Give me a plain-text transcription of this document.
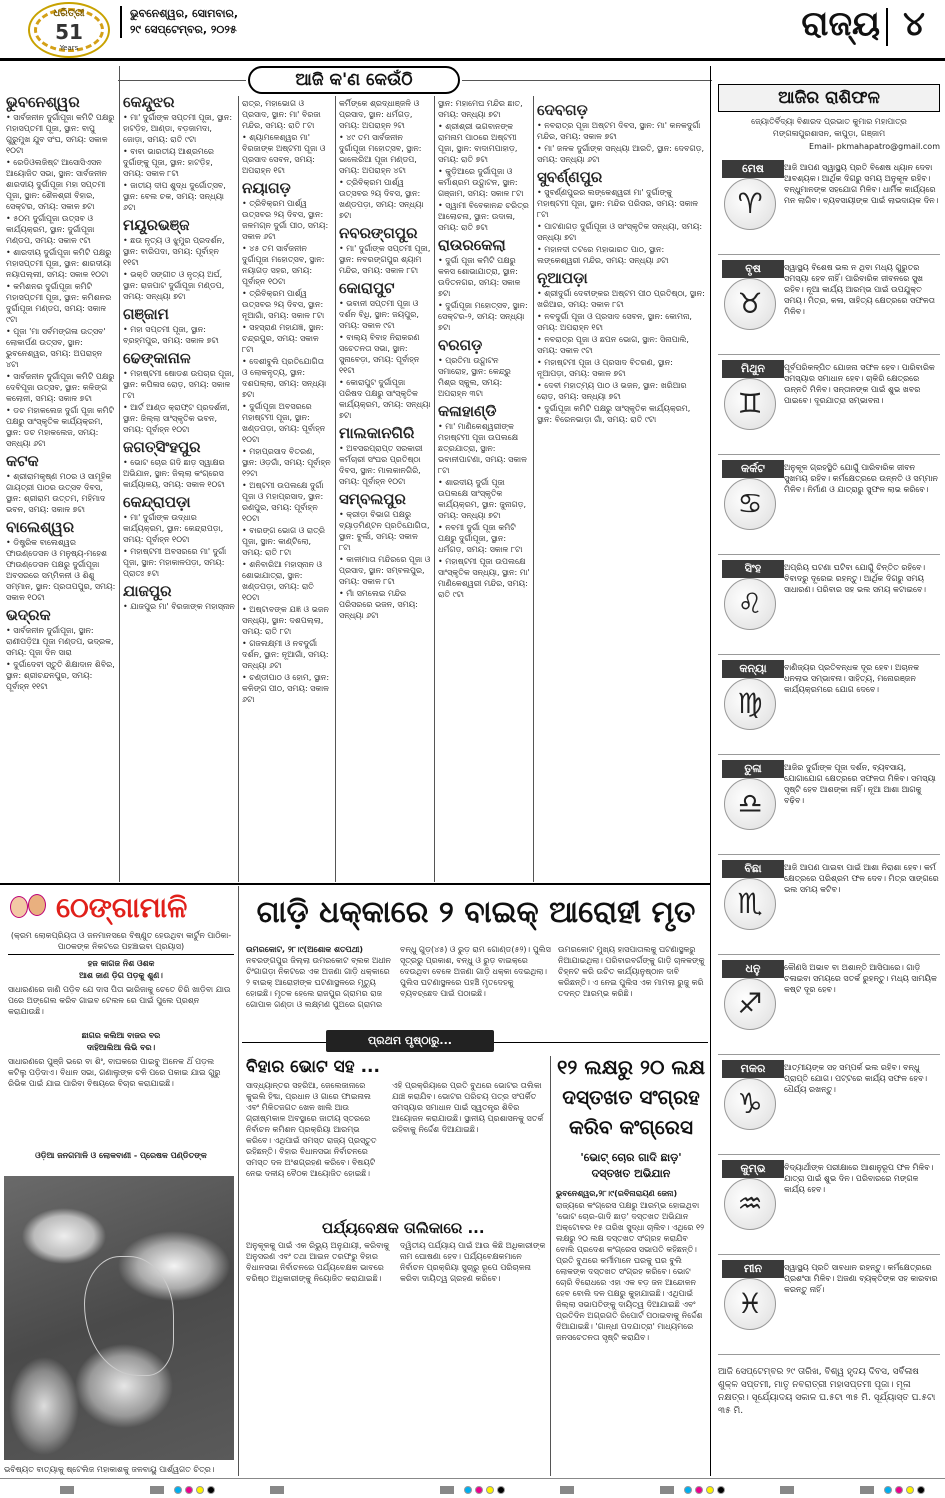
ଧରିତ୍ରୀ
51
Years
ଭୁବନେଶ୍ୱର, ସୋମବାର,
୨୯ ସେପ୍ଟେମ୍ବର, ୨୦୨୫	ରାଜ୍ୟ ୪
ଆଜି କ'ଣ କେଉଁଠି

ଭୁବନେଶ୍ୱର

• ସାର୍ବଜନୀନ ଦୁର୍ଗାପୂଜା କମିଟି ପକ୍ଷରୁ ମହାସପ୍ତମୀ ପୂଜା, ସ୍ଥାନ: ବାପୁ ଗୁରୁମୁଖ ଯୁବ ସଂଘ, ସମୟ: ସକାଳ ୧୦ଟା

• ରେଡିଓଲଜିଷ୍ଟ ଆସୋସିଏସନ ଆୟୋଜିତ ସଭା, ସ୍ଥାନ: ସାର୍ବଜନୀନ ଶାରଦୀୟ ଦୁର୍ଗାପୂଜା ମହା ସପ୍ତମୀ ପୂଜା, ସ୍ଥାନ: ଶୈଳଶ୍ରୀ ବିହାର, ସେକ୍ଟର, ସମୟ: ସକାଳ ୭ଟା

• ୫୦ମ ଦୁର୍ଗାପୂଜା ଉତ୍ସବ ଓ କାର୍ଯ୍ୟକ୍ରମ, ସ୍ଥାନ: ଦୁର୍ଗାପୂଜା ମଣ୍ଡପ, ସମୟ: ସକାଳ ୯ଟା

• ଶାରଦୀୟ ଦୁର୍ଗାପୂଜା କମିଟି ପକ୍ଷରୁ ମହାସପ୍ତମୀ ପୂଜା, ସ୍ଥାନ: ଶାରଦୀୟା ନୟାପଲ୍ଲୀ, ସମୟ: ସକାଳ ୧୦ଟା

• କମିଶନର ଦୁର୍ଗାପୂଜା କମିଟି ମହାସପ୍ତମୀ ପୂଜା, ସ୍ଥାନ: କମିଶନର ଦୁର୍ଗାପୂଜା ମଣ୍ଡପ, ସମୟ: ସକାଳ ୯ଟା

• ପୂଜା 'ମା ସର୍ବମଙ୍ଗଳା ଉତ୍ସବ' ଲୋକାର୍ପଣ ଉତ୍ସବ, ସ୍ଥାନ: ଭୁବନେଶ୍ୱର, ସମୟ: ଅପରାହ୍ନ ୪ଟା

• ସାର୍ବଜନୀନ ଦୁର୍ଗାପୂଜା କମିଟି ପକ୍ଷରୁ ଦେବିପୂଜା ଉତ୍ସବ, ସ୍ଥାନ: କଳିଙ୍ଗ କଲୋନୀ, ସମୟ: ସକାଳ ୭ଟା

• ଡଚ ମହାକଲେଜ ଦୁର୍ଗା ପୂଜା କମିଟି ପକ୍ଷରୁ ସାଂସ୍କୃତିକ କାର୍ଯ୍ୟକ୍ରମ, ସ୍ଥାନ: ଡଚ ମହାକଲେଜ, ସମୟ: ସନ୍ଧ୍ୟା ୬ଟା

କଟକ

• ଶ୍ରୀରାମକୃଷ୍ଣ ମଠର ଓ ସାମୂହିକ ଗାୟତ୍ରୀ ପାଠର ଉତ୍ସବ ଦିବସ, ସ୍ଥାନ: ଶ୍ରୀରାମ ଉତ୍ତମ, ମହିମାଦ ଭବନ, ସମୟ: ସକାଳ ୭ଟା

ବାଲେଶ୍ୱର

• ଡିଷ୍ଟ୍ରିକ ବାଲେଶ୍ୱର ଫାଉଣ୍ଡେସନ ଓ ମନୁଷ୍ୟ-ମହେଶ ଫାଉଣ୍ଡେସନ ପକ୍ଷରୁ ଦୁର୍ଗାପୂଜା ଅବସରରେ ସମ୍ମିଳନୀ ଓ ଶିଶୁ ସମ୍ମାନ, ସ୍ଥାନ: ପ୍ରତାପପୁର, ସମୟ: ସକାଳ ୧୦ଟା

ଭଦ୍ରକ

• ସାର୍ବଜନୀନ ଦୁର୍ଗାପୂଜା, ସ୍ଥାନ: ରାଣୀପଡ଼ିଆ ପୂଜା ମଣ୍ଡପ, ଭଦ୍ରକ, ସମୟ: ପୂଜା ଦିନ ସାରା

• ଦୁର୍ଗାଦେବୀ ସ୍ତୁତି ଶିକ୍ଷାଦାନ ଶିବିର, ସ୍ଥାନ: ଶ୍ରୀଚନ୍ଦନପୁର, ସମୟ: ପୂର୍ବାହ୍ନ ୧୧ଟା

କେନ୍ଦୁଝର

• ମା' ଦୁର୍ଗାଙ୍କ ସପ୍ତମୀ ପୂଜା, ସ୍ଥାନ: ହାଟଡ଼ିହ, ଆଣ୍ଡା, ବଡ଼ଜାମଦା, ଜୋଡ଼ା, ସମୟ: ରାତି ୯ଟା

• ବାବା ଭାରତୀୟ ଆଶ୍ରମରେ ଦୁର୍ଗାଙ୍କୁ ପୂଜା, ସ୍ଥାନ: ହାଟଡ଼ିହ, ସମୟ: ସକାଳ ୮ଟା

• ଜାତୀୟ ଦୀପ ଶୁଦ୍ଧ ଦୁର୍ଗୋତ୍ସବ, ସ୍ଥାନ: ବେଲ ଚକ, ସମୟ: ସନ୍ଧ୍ୟା ୬ଟା

ମୟୂରଭଞ୍ଜ

• ଛଉ ନୃତ୍ୟ ଓ ଝୁମୁର ପ୍ରଦର୍ଶନ, ସ୍ଥାନ: ବାରିପଦା, ସମୟ: ପୂର୍ବାହ୍ନ ୧୧ଟା

• ଭକ୍ତି ସଙ୍ଗୀତ ଓ ନୃତ୍ୟ ଅର୍ଘ, ସ୍ଥାନ: ରାଜପାଟ ଦୁର୍ଗାପୂଜା ମଣ୍ଡପ, ସମୟ: ସନ୍ଧ୍ୟା ୭ଟା

ଗଞ୍ଜାମ

• ମହା ସପ୍ତମୀ ପୂଜା, ସ୍ଥାନ: ବ୍ରହ୍ମପୁର, ସମୟ: ସକାଳ ୭ଟା

ଢେଙ୍କାନାଳ

• ମହାଷ୍ଟମୀ ଷୋଡଶ ଉପଚାର ପୂଜା, ସ୍ଥାନ: କପିଳାସ ରୋଡ଼, ସମୟ: ସକାଳ ୮ଟା

• ଆର୍ଟ ଆଣ୍ଡ କ୍ରାଫ୍ଟ ପ୍ରଦର୍ଶନୀ, ସ୍ଥାନ: ଜିଲ୍ଲା ସାଂସ୍କୃତିକ ଭବନ, ସମୟ: ପୂର୍ବାହ୍ନ ୧୦ଟା

ଜଗତ୍‌ସିଂହପୁର

• ଭୋଟ ଚୋର ଗଦି ଛାଡ଼ ସ୍ୱାକ୍ଷର ଅଭିଯାନ, ସ୍ଥାନ: ଜିଲ୍ଲା କଂଗ୍ରେସ କାର୍ଯ୍ୟାଳୟ, ସମୟ: ସକାଳ ୧୦ଟା

କେନ୍ଦ୍ରାପଡ଼ା

• ମା' ଦୁର୍ଗାଙ୍କ ଉଦ୍ଧାର କାର୍ଯ୍ୟକ୍ରମ, ସ୍ଥାନ: କେନ୍ଦ୍ରାପଡ଼ା, ସମୟ: ପୂର୍ବାହ୍ନ ୧୦ଟା

• ମହାଷ୍ଟମୀ ଅବସରରେ ମା' ଦୁର୍ଗା ପୂଜା, ସ୍ଥାନ: ମହାକାଳପଡ଼ା, ସମୟ: ପ୍ରାତଃ ୫ଟା

ଯାଜପୁର

• ଯାଜପୁର ମା' ବିରଜାଙ୍କ ମହାସ୍ନାନ

ରାତ୍ର, ମହାଭୋଗ ଓ ପ୍ରସାଦ, ସ୍ଥାନ: ମା' ବିରଜା ମନ୍ଦିର, ସମୟ: ରାତି ୮ଟା

• ଶ୍ୟାମଳେଶ୍ୱର ମା' ବିରଜାଙ୍କ ଅଷ୍ଟମୀ ପୂଜା ଓ ପ୍ରସାଦ ସେବନ, ସମୟ: ଅପରାହ୍ନ ୧ଟା

ନୟାଗଡ଼

• ତ୍ରିବିକ୍ରମ ପାର୍ଶ୍ୱ ଉତ୍ସବର ୨ୟ ଦିବସ, ସ୍ଥାନ: ଜଳମଗ୍ନ ଦୁର୍ଗା ପୀଠ, ସମୟ: ସକାଳ ୬ଟା

• ୪୫ ତମ ସାର୍ବଜନୀନ ଦୁର୍ଗାପୂଜା ମହୋତ୍ସବ, ସ୍ଥାନ: ନୟାଗଡ଼ ସହର, ସମୟ: ପୂର୍ବାହ୍ନ ୧୦ଟା

• ତ୍ରିବିକ୍ରମ ପାର୍ଶ୍ୱ ଉତ୍ସବର ୨ୟ ଦିବସ, ସ୍ଥାନ: ନୂଆଗାଁ, ସମୟ: ସକାଳ ୮ଟା

• ସହସ୍ରାଣ ମହାଯଜ୍ଞ, ସ୍ଥାନ: ଚନ୍ଦ୍ରପୁର, ସମୟ: ସକାଳ ୮ଟା

• ଦେଶୀବୁଲି ପ୍ରତିଯୋଗିତା ଓ ଲୋକନୃତ୍ୟ, ସ୍ଥାନ: ଦଶପଲ୍ଲା, ସମୟ: ସନ୍ଧ୍ୟା ୭ଟା

• ଦୁର୍ଗାପୂଜା ଅବସରରେ ମହାଷ୍ଟମୀ ପୂଜା, ସ୍ଥାନ: ଖଣ୍ଡପଡ଼ା, ସମୟ: ପୂର୍ବାହ୍ନ ୧୦ଟା

• ମହାପ୍ରସାଦ ବିତରଣ, ସ୍ଥାନ: ଓଡ଼ଗାଁ, ସମୟ: ପୂର୍ବାହ୍ନ ୧୨ଟା

• ଅଷ୍ଟମୀ ଉପଲକ୍ଷେ ଦୁର୍ଗା ପୂଜା ଓ ମହାପ୍ରସାଦ, ସ୍ଥାନ: ରଣପୁର, ସମୟ: ପୂର୍ବାହ୍ନ ୧୦ଟା

• ବାରଙ୍ଗ ଭୋଗ ଓ ରାତ୍ରି ପୂଜା, ସ୍ଥାନ: କାଣ୍ଟିଲୋ, ସମୟ: ରାତି ୮ଟା

• ଶନିବାରିଆ ମହାସ୍ନାନ ଓ ଶୋଭାଯାତ୍ରା, ସ୍ଥାନ: ଖଣ୍ଡପଡ଼ା, ସମୟ: ରାତି ୧୦ଟା

• ଅଷ୍ଟାବଙ୍କ ଯଜ୍ଞ ଓ ଭଜନ ସନ୍ଧ୍ୟା, ସ୍ଥାନ: ଦଶପଲ୍ଲା, ସମୟ: ରାତି ୮ଟା

• ଗଜଲକ୍ଷ୍ମୀ ଓ ନବଦୁର୍ଗା ଦର୍ଶନ, ସ୍ଥାନ: ନୂଆଗାଁ, ସମୟ: ସନ୍ଧ୍ୟା ୬ଟା

• ଚଣ୍ଡୀପାଠ ଓ ହୋମ, ସ୍ଥାନ: କଳିଙ୍ଗ ପୀଠ, ସମୟ: ସକାଳ ୬ଟା

କର୍ମିଙ୍କେ ଶ୍ରଦ୍ଧାଞ୍ଜଳି ଓ ପ୍ରସାଦ, ସ୍ଥାନ: ଧର୍ମଗଡ଼, ସମୟ: ଅପରାହ୍ନ ୨ଟା

• ୪୯ ତମ ସାର୍ବଜନୀନ ଦୁର୍ଗାପୂଜା ମହୋତ୍ସବ, ସ୍ଥାନ: ଭାଲେରିଆ ପୂଜା ମଣ୍ଡପ, ସମୟ: ଅପରାହ୍ନ ୪ଟା

• ତ୍ରିବିକ୍ରମ ପାର୍ଶ୍ୱ ଉତ୍ସବର ୨ୟ ଦିବସ, ସ୍ଥାନ: ଖଣ୍ଡପଡ଼ା, ସମୟ: ସନ୍ଧ୍ୟା ୭ଟା

ନବରଙ୍ଗପୁର

• ମା' ଦୁର୍ଗାଙ୍କ ସପ୍ତମୀ ପୂଜା, ସ୍ଥାନ: ନବରଙ୍ଗପୁର ଶ୍ୟାମ ମନ୍ଦିର, ସମୟ: ସକାଳ ୮ଟା

କୋରାପୁଟ

• ଭବାନୀ ସପ୍ତମୀ ପୂଜା ଓ ଦର୍ଶନ ବିଧି, ସ୍ଥାନ: ଜୟପୁର, ସମୟ: ସକାଳ ୯ଟା

• ବାଲ୍ୟ ବିବାହ ନିରାକରଣ ସଚେତନତା ସଭା, ସ୍ଥାନ: ସୁନାବେଡ଼ା, ସମୟ: ପୂର୍ବାହ୍ନ ୧୧ଟା

• କୋରାପୁଟ ଦୁର୍ଗାପୂଜା ପରିଷଦ ପକ୍ଷରୁ ସାଂସ୍କୃତିକ କାର୍ଯ୍ୟକ୍ରମ, ସମୟ: ସନ୍ଧ୍ୟା ୭ଟା

ମାଲକାନଗିରି

• ଅବସରପ୍ରାପ୍ତ ସରକାରୀ କର୍ମଚାରୀ ସଂଘର ପ୍ରତିଷ୍ଠା ଦିବସ, ସ୍ଥାନ: ମାଲକାନଗିରି, ସମୟ: ପୂର୍ବାହ୍ନ ୧୦ଟା

ସମ୍ବଲପୁର

• କ୍ରୀଡ଼ା ବିଭାଗ ପକ୍ଷରୁ ବ୍ୟାଡ଼ମିଣ୍ଟନ ପ୍ରତିଯୋଗିତା, ସ୍ଥାନ: ବୁର୍ଲା, ସମୟ: ସକାଳ ୮ଟା

• କାଳୀମାତା ମନ୍ଦିରରେ ପୂଜା ଓ ପ୍ରସାଦ, ସ୍ଥାନ: ସମ୍ବଲପୁର, ସମୟ: ସକାଳ ୮ଟା

• ମାଁ ସମଲେଇ ମନ୍ଦିର ପରିସରରେ ଭଜନ, ସମୟ: ସନ୍ଧ୍ୟା ୬ଟା

ସ୍ଥାନ: ମହାମେଘ ମନ୍ଦିର ଛାତ, ସମୟ: ସନ୍ଧ୍ୟା ୭ଟା

• ଶ୍ରୀଶ୍ରୀ ଭଗବାନଙ୍କ ରାମନାମ ପାଠରେ ଅଷ୍ଟମୀ ପୂଜା, ସ୍ଥାନ: ବାଦାମପାହାଡ଼, ସମୟ: ରାତି ୭ଟା

• କୁଡ଼ିଆରେ ଦୁର୍ଗାପୂଜା ଓ କର୍ମାଶ୍ରମ ଉଦ୍ଘାଟନ, ସ୍ଥାନ: ଗଞ୍ଜାମ, ସମୟ: ସକାଳ ୮ଟା

• ସ୍ୱାମୀ ବିବେକାନନ୍ଦ ଚରିତ୍ର ଆଲୋଚନା, ସ୍ଥାନ: ଉଦାଳା, ସମୟ: ରାତି ୭ଟା

ରାଉରକେଲା

• ଦୁର୍ଗା ପୂଜା କମିଟି ପକ୍ଷରୁ କଳସ ଶୋଭାଯାତ୍ରା, ସ୍ଥାନ: ଉଦିତନଗର, ସମୟ: ସକାଳ ୭ଟା

• ଦୁର୍ଗାପୂଜା ମହୋତ୍ସବ, ସ୍ଥାନ: ସେକ୍ଟର-୨, ସମୟ: ସନ୍ଧ୍ୟା ୭ଟା

ବରଗଡ଼

• ପ୍ରତିମା ଉଦ୍ଘାଟନ ସମାରୋହ, ସ୍ଥାନ: କେନ୍ଦ୍ରୁ ମିଶ୍ର ସ୍କୁଲ, ସମୟ: ଅପରାହ୍ନ ୩ଟା

କଳାହାଣ୍ଡି

• ମା' ମାଣିକେଶ୍ୱରୀଙ୍କ ମହାଷ୍ଟମୀ ପୂଜା ଉପଲକ୍ଷେ ଛତ୍ରଯାତ୍ରା, ସ୍ଥାନ: ଭବାନୀପାଟଣା, ସମୟ: ସକାଳ ୮ଟା

• ଶାରଦୀୟ ଦୁର୍ଗା ପୂଜା ଉପଲକ୍ଷେ ସାଂସ୍କୃତିକ କାର୍ଯ୍ୟକ୍ରମ, ସ୍ଥାନ: ଜୁନାଗଡ଼, ସମୟ: ସନ୍ଧ୍ୟା ୭ଟା

• ନବମୀ ଦୁର୍ଗା ପୂଜା କମିଟି ପକ୍ଷରୁ ଦୁର୍ଗାପୂଜା, ସ୍ଥାନ: ଧର୍ମଗଡ଼, ସମୟ: ସକାଳ ୮ଟା

• ମହାଷ୍ଟମୀ ପୂଜା ଉପଲକ୍ଷେ ସାଂସ୍କୃତିକ ସନ୍ଧ୍ୟା, ସ୍ଥାନ: ମା' ମାଣିକେଶ୍ୱରୀ ମନ୍ଦିର, ସମୟ: ରାତି ୯ଟା

ଦେବଗଡ଼

• ନବରାତ୍ର ପୂଜା ଅଷ୍ଟମ ଦିବସ, ସ୍ଥାନ: ମା' କନକଦୁର୍ଗା ମନ୍ଦିର, ସମୟ: ସକାଳ ୭ଟା

• ମା' ଜଳକ ଦୁର୍ଗାଙ୍କ ସନ୍ଧ୍ୟା ଆରତି, ସ୍ଥାନ: ଦେବଗଡ଼, ସମୟ: ସନ୍ଧ୍ୟା ୬ଟା

ସୁବର୍ଣ୍ଣପୁର

• ସୁବର୍ଣ୍ଣପୁରର ଲଙ୍କେଶ୍ୱରୀ ମା' ଦୁର୍ଗାଙ୍କୁ ମହାଷ୍ଟମୀ ପୂଜା, ସ୍ଥାନ: ମନ୍ଦିର ପରିସର, ସମୟ: ସକାଳ ୮ଟା

• ପାଟଣାଗଡ଼ ଦୁର୍ଗାପୂଜା ଓ ସାଂସ୍କୃତିକ ସନ୍ଧ୍ୟା, ସମୟ: ସନ୍ଧ୍ୟା ୭ଟା

• ମହାନଦୀ ତଟରେ ମହାଭାରତ ପାଠ, ସ୍ଥାନ: ଲଙ୍କେଶ୍ୱରୀ ମନ୍ଦିର, ସମୟ: ସନ୍ଧ୍ୟା ୬ଟା

ନୂଆପଡ଼ା

• ଶ୍ରୀଦୁର୍ଗା ଦେବୀଙ୍କର ଅଷ୍ଟମ ପୀଠ ପ୍ରତିଷ୍ଠା, ସ୍ଥାନ: ଖରିଆର, ସମୟ: ସକାଳ ୮ଟା

• ନବଦୁର୍ଗା ପୂଜା ଓ ପ୍ରସାଦ ସେବନ, ସ୍ଥାନ: କୋମନା, ସମୟ: ଅପରାହ୍ନ ୧ଟା

• ନବରାତ୍ର ପୂଜା ଓ ଛପନ ଭୋଗ, ସ୍ଥାନ: ସିନାପାଲି, ସମୟ: ସକାଳ ୯ଟା

• ମହାଷ୍ଟମୀ ପୂଜା ଓ ପ୍ରସାଦ ବିତରଣ, ସ୍ଥାନ: ନୂଆପଡ଼ା, ସମୟ: ସକାଳ ୭ଟା

• ଦେବୀ ମହାତ୍ମ୍ୟ ପାଠ ଓ ଭଜନ, ସ୍ଥାନ: ଖରିଆର ରୋଡ଼, ସମୟ: ସନ୍ଧ୍ୟା ୭ଟା

• ଦୁର୍ଗାପୂଜା କମିଟି ପକ୍ଷରୁ ସାଂସ୍କୃତିକ କାର୍ଯ୍ୟକ୍ରମ, ସ୍ଥାନ: ବିରେନଭାଡ଼ା ଗାଁ, ସମୟ: ରାତି ୯ଟା

ଆଜିର ରାଶିଫଳ
ଜ୍ୟୋତିର୍ବିଦ୍ୟା ବିଶାରଦ ପ୍ରଭାତ କୁମାର ମହାପାତ୍ର
ମଙ୍ଗଳାପୁରଶାସନ, କାପୁଡ଼ା, ଗଞ୍ଜାମ
Email- pkmahapatro@gmail.com
ମେଷ
♈
ଆଜି ଆପଣ ସ୍ୱାସ୍ଥ୍ୟ ପ୍ରତି ବିଶେଷ ଧ୍ୟାନ ଦେବା ଆବଶ୍ୟକ। ଆର୍ଥିକ ଦିଗରୁ ସମୟ ଅନୁକୂଳ ରହିବ। ବନ୍ଧୁମାନଙ୍କ ସହଯୋଗ ମିଳିବ। ଧାର୍ମିକ କାର୍ଯ୍ୟରେ ମନ ଲାଗିବ। ବ୍ୟବସାୟୀଙ୍କ ପାଇଁ ଲାଭଦାୟକ ଦିନ।
ବୃଷ
♉
ସ୍ୱାସ୍ଥ୍ୟ ବିଶେଷ ଭଲ ନ ଥିବା ମଧ୍ୟ ଗୁରୁତର ସମସ୍ୟା ହେବ ନାହିଁ। ପାରିବାରିକ ଜୀବନରେ ସୁଖ ରହିବ। ନୂଆ କାର୍ଯ୍ୟ ଆରମ୍ଭ ପାଇଁ ଉପଯୁକ୍ତ ସମୟ। ମିତ୍ର, କଳା, ସାହିତ୍ୟ କ୍ଷେତ୍ରରେ ସଫଳତା ମିଳିବ।
ମିଥୁନ
♊
ପୂର୍ବପରିକଳ୍ପିତ ଯୋଜନା ସଫଳ ହେବ। ପାରିବାରିକ ସମସ୍ୟାର ସମାଧାନ ହେବ। ଚାକିରି କ୍ଷେତ୍ରରେ ଉନ୍ନତି ମିଳିବ। ସନ୍ତାନଙ୍କ ପାଇଁ ଶୁଭ ଖବର ପାଇବେ। ଦୂରଯାତ୍ରା ସମ୍ଭାବନା।
କର୍କଟ
♋
ଅନୁକୂଳ ଗ୍ରହସ୍ଥିତି ଯୋଗୁଁ ପାରିବାରିକ ଜୀବନ ସୁଖମୟ ରହିବ। କର୍ମକ୍ଷେତ୍ରରେ ଉନ୍ନତି ଓ ସମ୍ମାନ ମିଳିବ। ନିର୍ମାଣ ଓ ଯାତ୍ରାରୁ ସୁଫଳ ଲାଭ କରିବେ।
ସିଂହ
♌
ଅପ୍ରିୟ ଘଟଣା ଘଟିବା ଯୋଗୁଁ ଚିନ୍ତିତ ରହିବେ। ବିବାଦରୁ ଦୂରେଇ ରହନ୍ତୁ। ଆର୍ଥିକ ଦିଗରୁ ସମୟ ସାଧାରଣ। ପରିବାର ସହ ଭଲ ସମୟ କଟାଇବେ।
କନ୍ୟା
♍
ବାଣିଜ୍ୟର ପ୍ରତିବନ୍ଧକ ଦୂର ହେବ। ଅଚାନକ ଧନଲାଭ ସମ୍ଭାବନା। ସାହିତ୍ୟ, ମନୋରଞ୍ଜନ କାର୍ଯ୍ୟକ୍ରମରେ ଯୋଗ ଦେବେ।
ତୁଳା
♎
ଆଜିର ଦୁର୍ଗାଙ୍କ ପୂଜା ଦର୍ଶନ, ବ୍ୟବସାୟ, ଯୋଗାଯୋଗ କ୍ଷେତ୍ରରେ ସଫଳତା ମିଳିବ। ସମସ୍ୟା ସୃଷ୍ଟି ହେବ ଆଶଙ୍କା ନାହିଁ। ନୂଆ ଆଶା ଆଗକୁ ବଢ଼ିବ।
ବିଛା
♏
ଆଜି ଆପଣ ପାଇବା ପାଇଁ ଆଶା ନିରାଶା ହେବ। କର୍ମ କ୍ଷେତ୍ରରେ ପରିଶ୍ରମ ଫଳ ଦେବ। ମିତ୍ର ସାଙ୍ଗରେ ଭଲ ସମୟ କଟିବ।
ଧନୁ
♐
କୌଣସି ଅଭାବ ବା ଅଶାନ୍ତି ଆସିପାରେ। ଗାଡ଼ି ଚଳାଇବା ସମୟରେ ସତର୍କ ରୁହନ୍ତୁ। ମଧ୍ୟ ସାମୟିକ କଷ୍ଟ ଦୂର ହେବ।
ମକର
♑
ଆତ୍ମୀୟଙ୍କ ସହ ସମ୍ପର୍କ ଭଲ ରହିବ। ବନ୍ଧୁ ପ୍ରାପ୍ତି ଯୋଗ। ପଟ୍ଟରେ କାର୍ଯ୍ୟ ସଫଳ ହେବ। ଧୈର୍ଯ୍ୟ ରଖନ୍ତୁ।
କୁମ୍ଭ
♒
ବିଦ୍ୟାର୍ଥୀଙ୍କ ପରୀକ୍ଷାରେ ଆଶାନୁରୂପ ଫଳ ମିଳିବ। ଯାତ୍ରା ପାଇଁ ଶୁଭ ଦିନ। ପରିବାରରେ ମଙ୍ଗଳ କାର୍ଯ୍ୟ ହେବ।
ମୀନ
♓
ସ୍ୱାସ୍ଥ୍ୟ ପ୍ରତି ସାବଧାନ ରହନ୍ତୁ। କର୍ମକ୍ଷେତ୍ରରେ ପ୍ରଶଂସା ମିଳିବ। ଅଜଣା ବ୍ୟକ୍ତିଙ୍କ ସହ କାରବାର କରନ୍ତୁ ନାହିଁ।
ଆଜି ସେପ୍ଟେମ୍ବର ୨୯ ତାରିଖ, ବିଶ୍ୱ ହୃଦୟ ଦିବସ, ସର୍ବିଳାଷ ଶୁକ୍ଳ ସପ୍ତମୀ, ମାତୃ ନବରାତ୍ରୀ ମହାସପ୍ତମୀ ପୂଜା। ମୂଳା ନକ୍ଷତ୍ର। ସୂର୍ଯ୍ୟୋଦୟ ସକାଳ ଘ.୫ଟା ୩୫ ମି. ସୂର୍ଯ୍ୟାସ୍ତ ଘ.୫ଟା ୩୫ ମି.
ଠେଙ୍ଗାମାଳି
(କ୍ରମ ଲୋକପ୍ରିୟତା ଓ ଜନମାନସରେ ବିଷ୍ଣୁତ ହେଉଥିବା କାର୍ଟୁନ ପାଠିକା-ପାଠକଙ୍କ ନିକଟରେ ପହଞ୍ଚାଇବା ପ୍ରୟାସ)
ହଜ କାଗଜ ନିଶ ଓଶକ
ଆଶ ଜାଣ ଡ଼ିଗ ପଡ଼କୁ ଶୁଣ।
ସାଧାରଣରେ ଜାଣି ପଡ଼ିବ ଯେ ଦାସ ପିତା ଭାରିଜାକୁ ଚେତେ ଚିରି ଖାଡ଼ିବା ଯାଉ ପରେ ଅଙ୍ଗେଲ କରିବ ଗାଇବ ଟେଲଳ ରେ ପାଇଁ ପୁଲେ ପ୍ରଶ୍ନ କରାଯାଉଛି।
ଛାଗର କଲିଆ ବାଜର ବର
ଦାହିଆଲିଆ ଲିଭି ବର।
ସାଧାରଣରେ ପୁଞ୍ଜି ଭରେ ବା ଶିଂ, ବାଘକରେ ପାଇବୁ ଅନେକ ଥିଁ ପଡ଼ଲ କଟିଲୁ ପଡ଼ିଦାଏ। ବିଧାନ ସଭା, ଗଣାଲୁଙ୍କ ଚଳି ପରେ ପକାଇ ଯାଇ ଗୁରୁ ରିଭିକ ପାଇଁ ଯାଇ ପାରିବା ବିଷୟରେ ବିଚାର କରାଯାଇଛି।
ଓଡ଼ିଆ ଜନଗମାଳି ଓ ଲୋକବାଣୀ - ପ୍ରେଷକ ପଣ୍ଡିତଙ୍କ
ଭବିଷ୍ୟତ ବାତ୍ୟାକୁ ଷ୍ଟେଲିଜ ମହାକାଶକୁ ଜଳବାୟୁ ପାର୍ଶ୍ୱଗତ ଚିତ୍ର।
ଗାଡ଼ି ଧକ୍କାରେ ୨ ବାଇକ୍ ଆରୋହୀ ମୃତ
ଉମରକୋଟ, ୨୮।୯(ଅଶୋକ ଶତପଥୀ) ନବରଙ୍ଗପୁର ଜିଲ୍ଲା ଉମରକୋଟ ବ୍ଲକ ଅଧୀନ ଚିଂଗାଗଡ଼ା ନିକଟରେ ଏକ ଅଜଣା ଗାଡ଼ି ଧକ୍କାରେ ୨ ବାଇକ୍ ଆରୋହୀଙ୍କ ଘଟଣାସ୍ଥଳରେ ମୃତ୍ୟୁ ହୋଇଛି। ମୃତକ ହେଲେ ରାଜପୁର ଗ୍ରାମର ରାଜ ଗୋପାଳ ଗଣ୍ଡା ଓ ଲକ୍ଷ୍ମଣ ପୁଅରେ ଗ୍ରାମର
ବନ୍ଧୁ ଗୁଡ଼(୪୫) ଓ ରୁଡ଼ ରାମ ଗୋଣ୍ଡ(୫୨)। ପୁଲିସ ସୂତ୍ରରୁ ପ୍ରକାଶ, ବନ୍ଧୁ ଓ ରୁଡ଼ ବାଇକ୍‌ରେ ଦେଉଥିବା ବେଳେ ଅଜଣା ଗାଡ଼ି ଧକ୍କା ଦେଇଥିଲା। ପୁଲିସ ଘଟଣାସ୍ଥଳରେ ପହଞ୍ଚି ମୃତଦେହକୁ ବ୍ୟବଚ୍ଛେଦ ପାଇଁ ପଠାଇଛି।
ଉମରକୋଟ ମୁଖ୍ୟ ହାସପାତାଲକୁ ଘଟଣାସ୍ଥଳରୁ ନିଆଯାଇଥିଲା। ପରିବାରବର୍ଗଙ୍କୁ ଗାଡ଼ି ଚାଳକଙ୍କୁ ଚିହ୍ନଟ କରି ଉଚିତ କାର୍ଯ୍ୟାନୁଷ୍ଠାନ ଦାବି କରିଛନ୍ତି। ଏ ନେଇ ପୁଲିସ ଏକ ମାମଲା ରୁଜୁ କରି ତଦନ୍ତ ଆରମ୍ଭ କରିଛି।
ପ୍ରଥମ ପୃଷ୍ଠାରୁ...
ବିହାର ଭୋଟ ସହ ...
ସାଦ୍ଧ୍ୟାନ୍ତର ସହରିଆ, ଜେଲେଜାନାରେ କୁଇଲି ହିବ୍ଦା, ପ୍ରଧାନ ଓ ଗାରେ ଫାଇନାଲ ଏବଂ ମିଳିତଜଗତ ଖେଳ ଖାଲି ଆଉ ଗ୍ରୀଷ୍ମକାଳ ଅବସ୍ଥାରେ ଜାତୀୟ ସ୍ତରରେ ନିର୍ବାଚନ କମିଶନ ପ୍ରକ୍ରିୟା ଆରମ୍ଭ କରିବେ। ଏଥିପାଇଁ ସମସ୍ତ ରାଜ୍ୟ ପ୍ରସ୍ତୁତ ରହିଛନ୍ତି। ବିହାର ବିଧାନସଭା ନିର୍ବାଚନରେ ସମସ୍ତ ଦଳ ଅଂଶଗ୍ରହଣ କରିବେ। ବିଷୟଟି ନେଇ ଦଳୀୟ ବୈଠକ ଆୟୋଜିତ ହୋଇଛି।
ଏହି ପ୍ରକ୍ରିୟାରେ ପ୍ରତି ବୁଥରେ ଭୋଟର ତାଲିକା ଯାଞ୍ଚ କରାଯିବ। ଭୋଟର ପରିଚୟ ପତ୍ର ସଂପର୍କିତ ସମସ୍ୟାର ସମାଧାନ ପାଇଁ ସ୍ୱତନ୍ତ୍ର ଶିବିର ଆୟୋଜନ କରାଯାଉଛି। ସ୍ଥାନୀୟ ପ୍ରଶାସନକୁ ସତର୍କ ରହିବାକୁ ନିର୍ଦ୍ଦେଶ ଦିଆଯାଇଛି।
ପର୍ଯ୍ୟବେକ୍ଷକ ତାଲିକାରେ ...
ଅନୁକୂଳକୁ ପାଇଁ ଏକ ରିଭ୍ୟୁ ଅନୁଯାୟୀ, କରିବାକୁ ଅନୁସରଣ ଏବଂ ତଥା ଆଇନ ତରଫରୁ ବିହାର ବିଧାନସଭା ନିର୍ବାଚନରେ ପର୍ଯ୍ୟବେକ୍ଷକ ଭାବରେ ବରିଷ୍ଠ ଅଧିକାରୀଙ୍କୁ ନିୟୋଜିତ କରାଯାଇଛି। ଦ୍ୱିତୀୟ ପର୍ଯ୍ୟାୟ ପାଇଁ ଆଉ କିଛି ଅଧିକାରୀଙ୍କ ନାମ ଘୋଷଣା ହେବ। ପର୍ଯ୍ୟବେକ୍ଷକମାନେ ନିର୍ବାଚନ ପ୍ରକ୍ରିୟା ସୁଚାରୁ ରୂପେ ପରିଚାଳନା କରିବା ଦାୟିତ୍ୱ ଗ୍ରହଣ କରିବେ।
୧୨ ଲକ୍ଷରୁ ୨୦ ଲକ୍ଷ
ଦସ୍ତଖତ ସଂଗ୍ରହ
କରିବ କଂଗ୍ରେସ
'ଭୋଟ୍ ଚୋର ଗାଦି ଛାଡ଼'
ଦସ୍ତଖତ ଅଭିଯାନ
ଭୁବନେଶ୍ୱର,୨୮।୯(ରବିନାରାୟଣ ଜେନା)
ରାଜ୍ୟରେ କଂଗ୍ରେସ ପକ୍ଷରୁ ଆରମ୍ଭ ହୋଇଥିବା 'ଭୋଟ ଚୋର-ଗାଦି ଛାଡ଼' ଦସ୍ତଖତ ଅଭିଯାନ ଅକ୍ଟୋବର ୧୫ ତାରିଖ ସୁଦ୍ଧା ଚାଲିବ। ଏଥିରେ ୧୨ ଲକ୍ଷରୁ ୨୦ ଲକ୍ଷ ଦସ୍ତଖତ ସଂଗ୍ରହ କରାଯିବ ବୋଲି ପ୍ରଦେଶ କଂଗ୍ରେସ ସଭାପତି କହିଛନ୍ତି। ପ୍ରତି ବୁଥରେ କର୍ମୀମାନେ ଘରକୁ ଘର ବୁଲି ଲୋକଙ୍କ ଦସ୍ତଖତ ସଂଗ୍ରହ କରିବେ। ଭୋଟ ଚୋରି ବିରୋଧରେ ଏହା ଏକ ବଡ଼ ଜନ ଆନ୍ଦୋଳନ ହେବ ବୋଲି ଦଳ ପକ୍ଷରୁ କୁହାଯାଇଛି। ଏଥିପାଇଁ ଜିଲ୍ଲା ସଭାପତିଙ୍କୁ ଦାୟିତ୍ୱ ଦିଆଯାଇଛି ଏବଂ ପ୍ରତିଦିନ ଅଗ୍ରଗତି ରିପୋର୍ଟ ପଠାଇବାକୁ ନିର୍ଦ୍ଦେଶ ଦିଆଯାଇଛି। 'ଗାନ୍ଧୀ ପଦଯାତ୍ରା' ମାଧ୍ୟମରେ ଜନସଚେତନତା ସୃଷ୍ଟି କରାଯିବ।
